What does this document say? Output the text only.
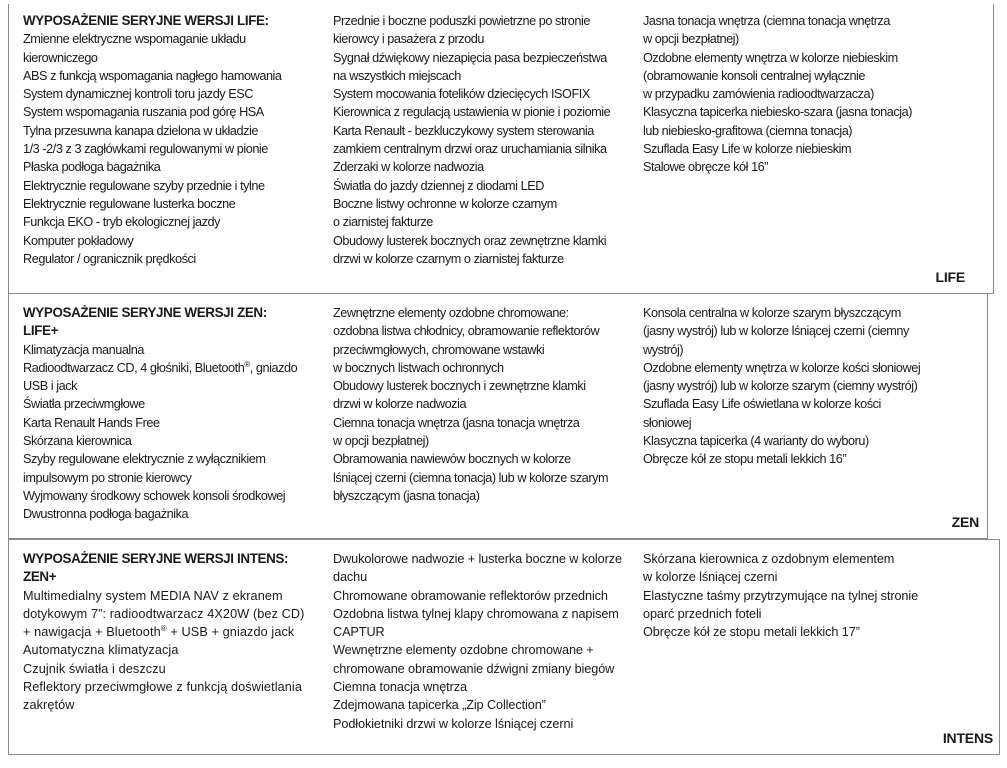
WYPOSAŻENIE SERYJNE WERSJI LIFE:
Zmienne elektryczne wspomaganie układu
kierowniczego
ABS z funkcją wspomagania nagłego hamowania
System dynamicznej kontroli toru jazdy ESC
System wspomagania ruszania pod górę HSA
Tylna przesuwna kanapa dzielona w układzie
1/3 -2/3 z 3 zagłówkami regulowanymi w pionie
Płaska podłoga bagażnika
Elektrycznie regulowane szyby przednie i tylne
Elektrycznie regulowane lusterka boczne
Funkcja EKO - tryb ekologicznej jazdy
Komputer pokładowy
Regulator / ogranicznik prędkości
Przednie i boczne poduszki powietrzne po stronie
kierowcy i pasażera z przodu
Sygnał dźwiękowy niezapięcia pasa bezpieczeństwa
na wszystkich miejscach
System mocowania fotelików dziecięcych ISOFIX
Kierownica z regulacją ustawienia w pionie i poziomie
Karta Renault - bezkluczykowy system sterowania
zamkiem centralnym drzwi oraz uruchamiania silnika
Zderzaki w kolorze nadwozia
Światła do jazdy dziennej z diodami LED
Boczne listwy ochronne w kolorze czarnym
o ziarnistej fakturze
Obudowy lusterek bocznych oraz zewnętrzne klamki
drzwi w kolorze czarnym o ziarnistej fakturze
Jasna tonacja wnętrza (ciemna tonacja wnętrza
w opcji bezpłatnej)
Ozdobne elementy wnętrza w kolorze niebieskim
(obramowanie konsoli centralnej wyłącznie
w przypadku zamówienia radioodtwarzacza)
Klasyczna tapicerka niebiesko-szara (jasna tonacja)
lub niebiesko-grafitowa (ciemna tonacja)
Szuflada Easy Life w kolorze niebieskim
Stalowe obręcze kół 16”
LIFE
WYPOSAŻENIE SERYJNE WERSJI ZEN:
LIFE+
Klimatyzacja manualna
Radioodtwarzacz CD, 4 głośniki, Bluetooth®, gniazdo
USB i jack
Światła przeciwmgłowe
Karta Renault Hands Free
Skórzana kierownica
Szyby regulowane elektrycznie z wyłącznikiem
impulsowym po stronie kierowcy
Wyjmowany środkowy schowek konsoli środkowej
Dwustronna podłoga bagażnika
Zewnętrzne elementy ozdobne chromowane:
ozdobna listwa chłodnicy, obramowanie reflektorów
przeciwmgłowych, chromowane wstawki
w bocznych listwach ochronnych
Obudowy lusterek bocznych i zewnętrzne klamki
drzwi w kolorze nadwozia
Ciemna tonacja wnętrza (jasna tonacja wnętrza
w opcji bezpłatnej)
Obramowania nawiewów bocznych w kolorze
lśniącej czerni (ciemna tonacja) lub w kolorze szarym
błyszczącym (jasna tonacja)
Konsola centralna w kolorze szarym błyszczącym
(jasny wystrój) lub w kolorze lśniącej czerni (ciemny
wystrój)
Ozdobne elementy wnętrza w kolorze kości słoniowej
(jasny wystrój) lub w kolorze szarym (ciemny wystrój)
Szuflada Easy Life oświetlana w kolorze kości
słoniowej
Klasyczna tapicerka (4 warianty do wyboru)
Obręcze kół ze stopu metali lekkich 16”
ZEN
WYPOSAŻENIE SERYJNE WERSJI INTENS:
ZEN+
Multimedialny system MEDIA NAV z ekranem
dotykowym 7”: radioodtwarzacz 4X20W (bez CD)
+ nawigacja + Bluetooth® + USB + gniazdo jack
Automatyczna klimatyzacja
Czujnik światła i deszczu
Reflektory przeciwmgłowe z funkcją doświetlania
zakrętów
Dwukolorowe nadwozie + lusterka boczne w kolorze
dachu
Chromowane obramowanie reflektorów przednich
Ozdobna listwa tylnej klapy chromowana z napisem
CAPTUR
Wewnętrzne elementy ozdobne chromowane +
chromowane obramowanie dźwigni zmiany biegów
Ciemna tonacja wnętrza
Zdejmowana tapicerka „Zip Collection”
Podłokietniki drzwi w kolorze lśniącej czerni
Skórzana kierownica z ozdobnym elementem
w kolorze lśniącej czerni
Elastyczne taśmy przytrzymujące na tylnej stronie
oparć przednich foteli
Obręcze kół ze stopu metali lekkich 17”
INTENS
